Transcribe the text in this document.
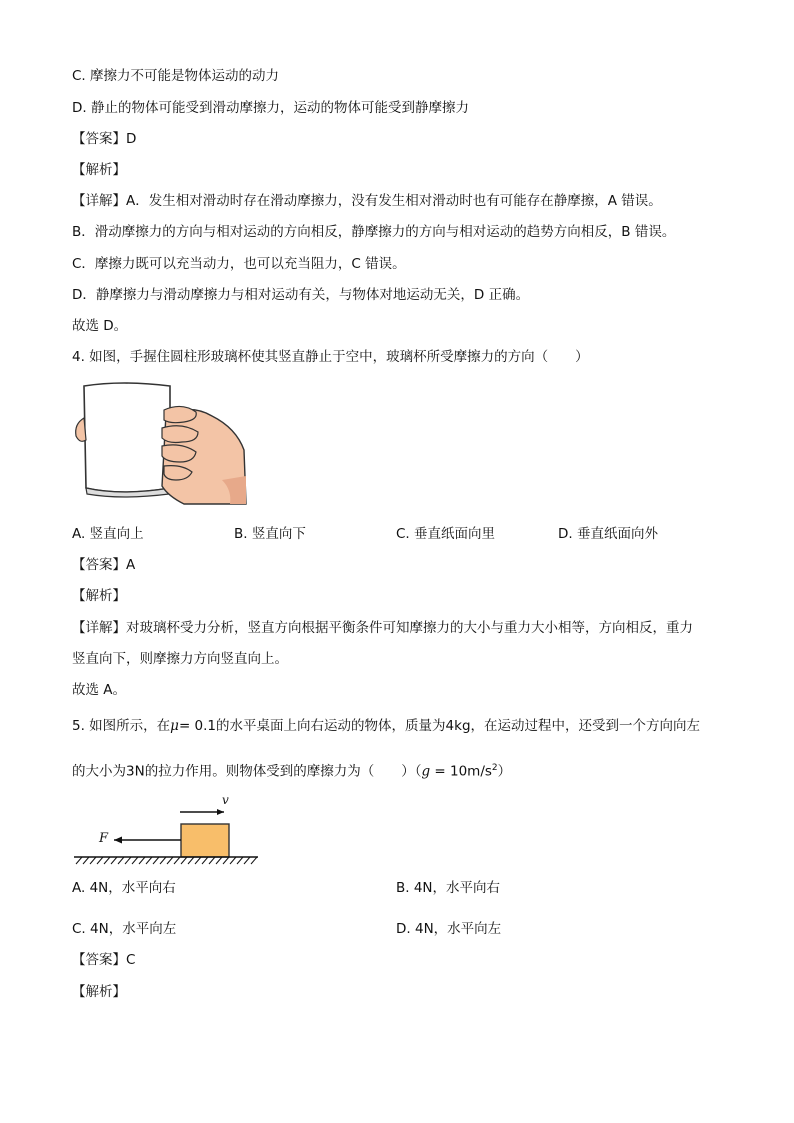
C. 摩擦力不可能是物体运动的动力
D. 静止的物体可能受到滑动摩擦力，运动的物体可能受到静摩擦力
【答案】D
【解析】
【详解】A．发生相对滑动时存在滑动摩擦力，没有发生相对滑动时也有可能存在静摩擦，A 错误。
B．滑动摩擦力的方向与相对运动的方向相反，静摩擦力的方向与相对运动的趋势方向相反，B 错误。
C．摩擦力既可以充当动力，也可以充当阻力，C 错误。
D．静摩擦力与滑动摩擦力与相对运动有关，与物体对地运动无关，D 正确。
故选 D。
4. 如图，手握住圆柱形玻璃杯使其竖直静止于空中，玻璃杯所受摩擦力的方向（　　）
A. 竖直向上	B. 竖直向下	C. 垂直纸面向里	D. 垂直纸面向外
【答案】A
【解析】
【详解】对玻璃杯受力分析，竖直方向根据平衡条件可知摩擦力的大小与重力大小相等，方向相反，重力
竖直向下，则摩擦力方向竖直向上。
故选 A。
5. 如图所示，在μ= 0.1的水平桌面上向右运动的物体，质量为4kg，在运动过程中，还受到一个方向向左
的大小为3N的拉力作用。则物体受到的摩擦力为（　　）$(g = 10m/s^2)$
v
F
A. 4N，水平向右	B. 4N，水平向右
C. 4N，水平向左	D. 4N，水平向左
【答案】C
【解析】
